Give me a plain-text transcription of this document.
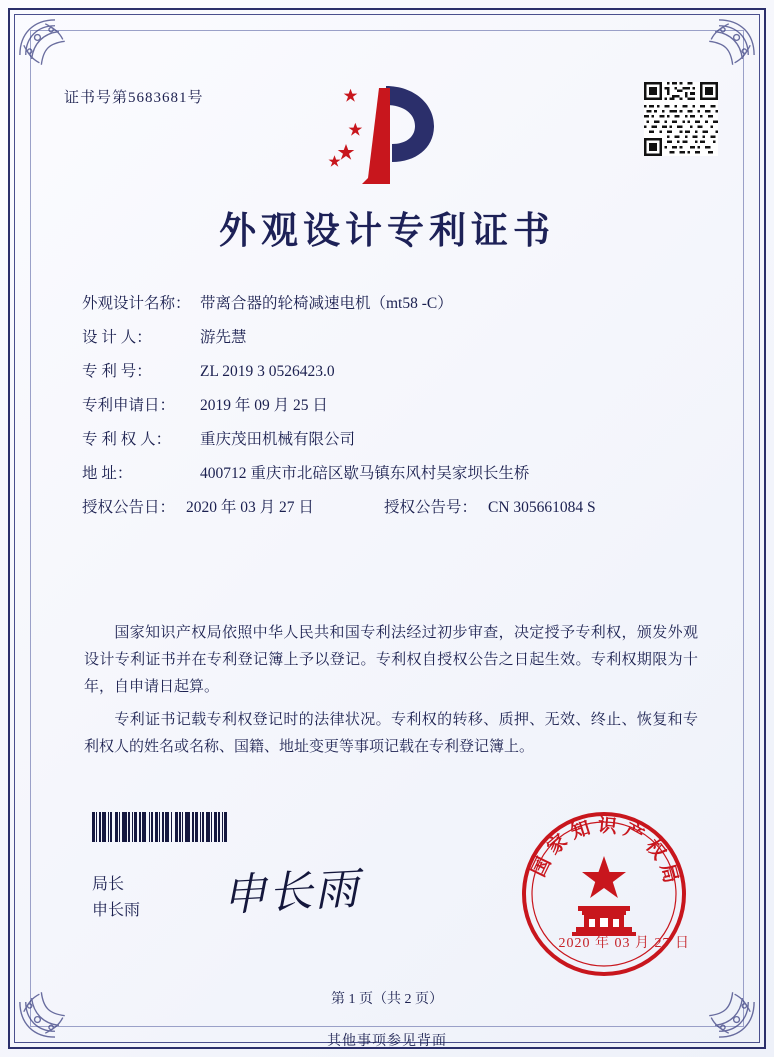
证书号第5683681号
外观设计专利证书
外观设计名称： 带离合器的轮椅减速电机（mt58 -C）
设 计 人：	游先慧
专 利 号：	ZL 2019 3 0526423.0
专利申请日：	2019 年 09 月 25 日
专 利 权 人：	重庆茂田机械有限公司
地 址：	400712 重庆市北碚区歇马镇东风村吴家坝长生桥
授权公告日： 2020 年 03 月 27 日	授权公告号： CN 305661084 S
国家知识产权局依照中华人民共和国专利法经过初步审查，决定授予专利权，颁发外观设计专利证书并在专利登记簿上予以登记。专利权自授权公告之日起生效。专利权期限为十年，自申请日起算。
专利证书记载专利权登记时的法律状况。专利权的转移、质押、无效、终止、恢复和专利权人的姓名或名称、国籍、地址变更等事项记载在专利登记簿上。
局长
申长雨 申长雨	国家知识产权局
2020 年 03 月 27 日
第 1 页（共 2 页）
其他事项参见背面
